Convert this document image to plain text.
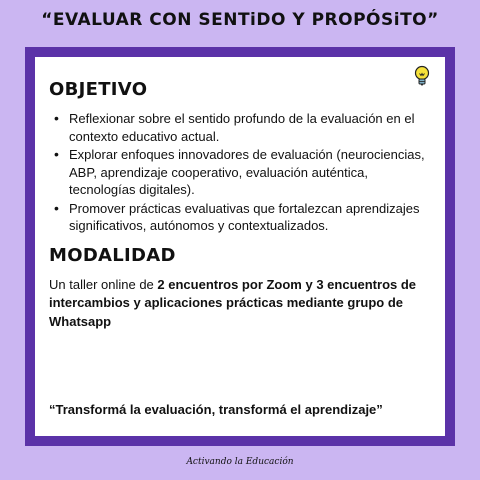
“EVALUAR CON SENTiDO Y PROPÓSiTO”
OBJETIVO
• Reflexionar sobre el sentido profundo de la evaluación en el contexto educativo actual.
• Explorar enfoques innovadores de evaluación (neurociencias, ABP, aprendizaje cooperativo, evaluación auténtica, tecnologías digitales).
• Promover prácticas evaluativas que fortalezcan aprendizajes significativos, autónomos y contextualizados.
MODALIDAD

Un taller online de 2 encuentros por Zoom y 3 encuentros de intercambios y aplicaciones prácticas mediante grupo de Whatsapp

“Transformá la evaluación, transformá el aprendizaje”

Activando la Educación
